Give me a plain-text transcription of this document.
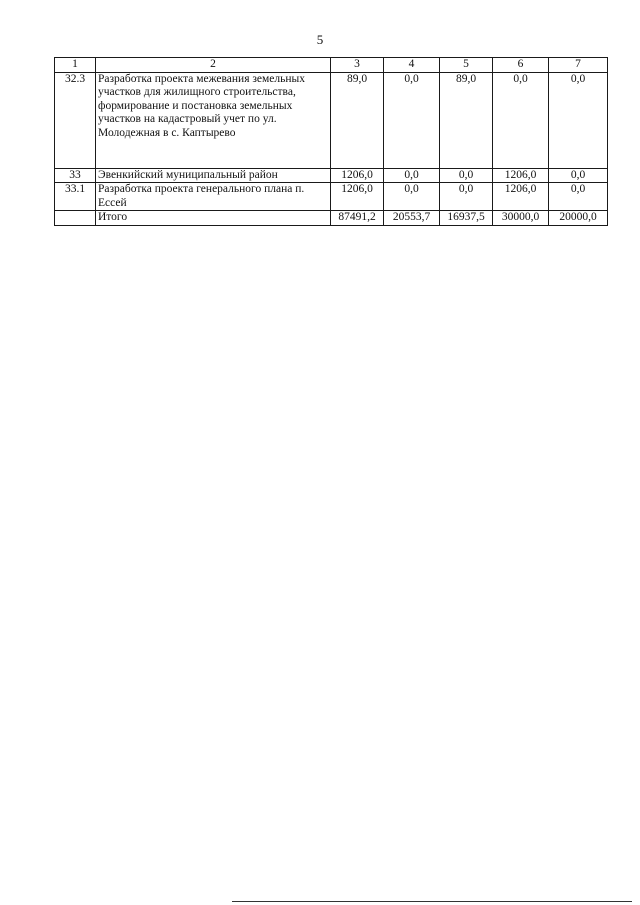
5
1	2	3	4	5	6	7
32.3	Разработка проекта межевания земельных участков для жилищного строительства, формирование и постановка земельных участков на кадастровый учет по ул. Молодежная в с. Каптырево	89,0	0,0	89,0	0,0	0,0
33	Эвенкийский муниципальный район	1206,0	0,0	0,0	1206,0	0,0
33.1	Разработка проекта генерального плана п. Ессей	1206,0	0,0	0,0	1206,0	0,0
	Итого	87491,2	20553,7	16937,5	30000,0	20000,0
